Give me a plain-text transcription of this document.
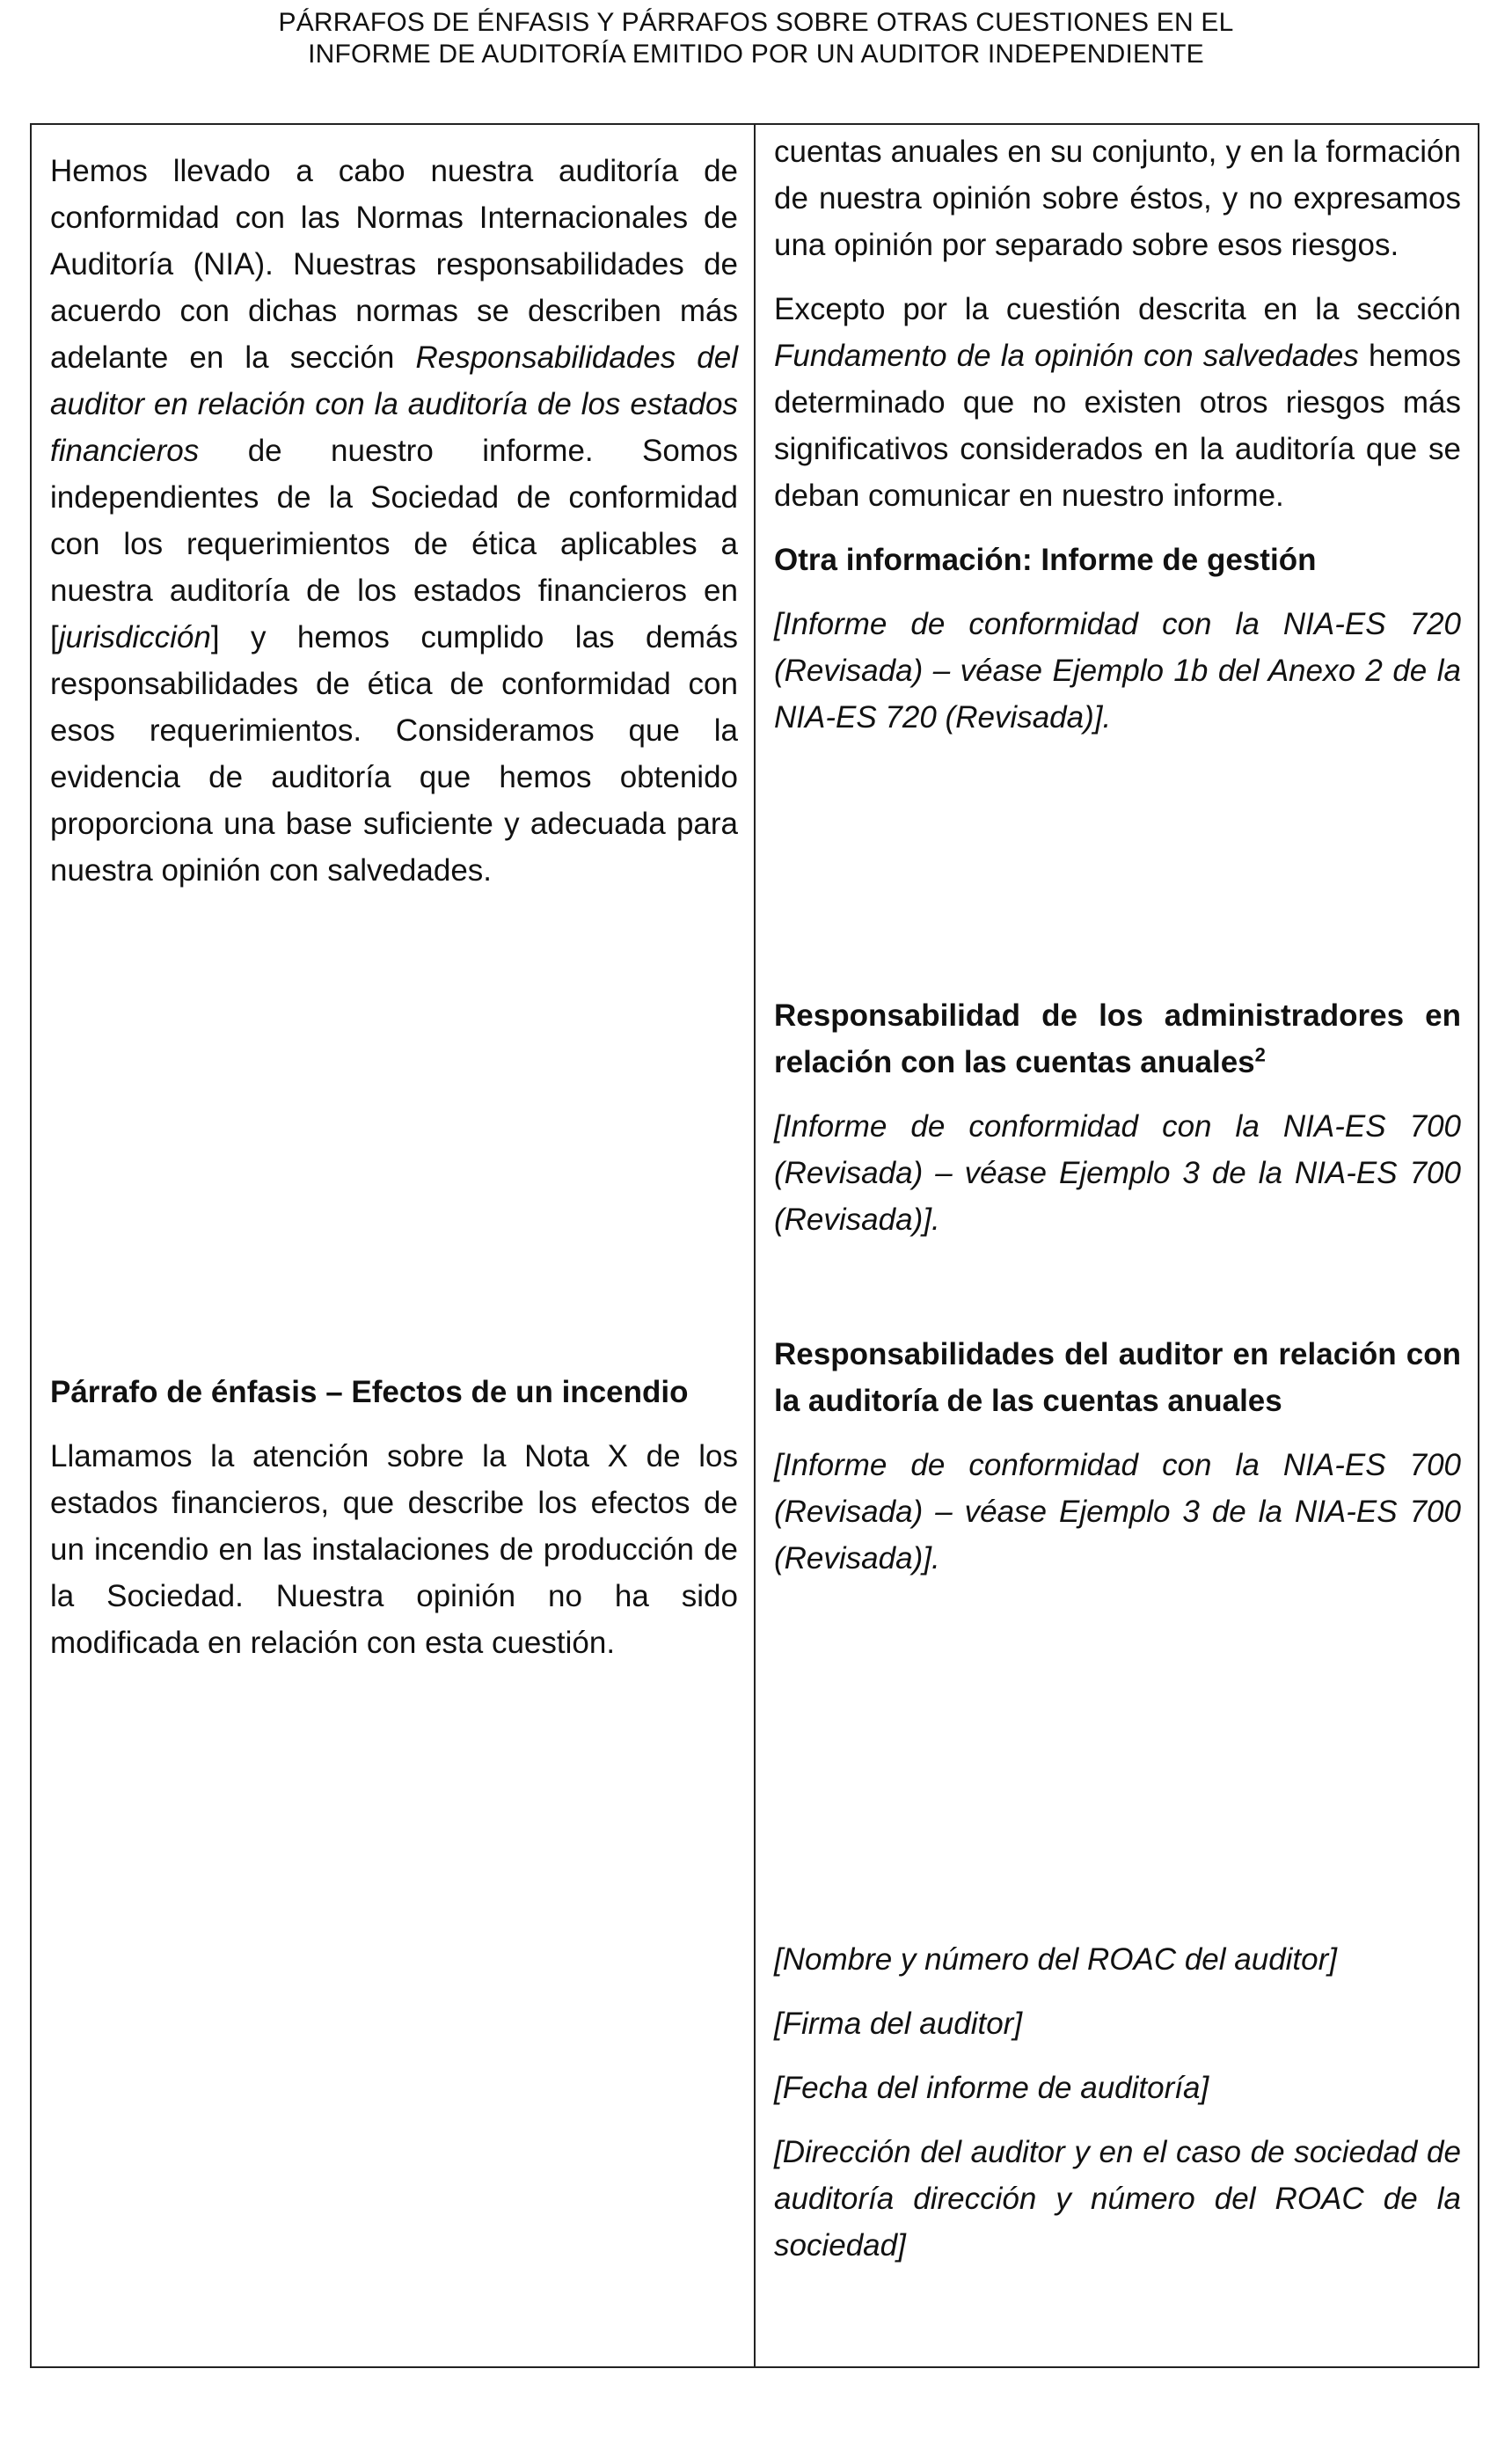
PÁRRAFOS DE ÉNFASIS Y PÁRRAFOS SOBRE OTRAS CUESTIONES EN EL
INFORME DE AUDITORÍA EMITIDO POR UN AUDITOR INDEPENDIENTE

Hemos llevado a cabo nuestra auditoría de conformidad con las Normas Internacionales de Auditoría (NIA). Nuestras responsabilidades de acuerdo con dichas normas se describen más adelante en la sección Responsabilidades del auditor en relación con la auditoría de los estados financieros de nuestro informe. Somos independientes de la Sociedad de conformidad con los requerimientos de ética aplicables a nuestra auditoría de los estados financieros en [jurisdicción] y hemos cumplido las demás responsabilidades de ética de conformidad con esos requerimientos. Consideramos que la evidencia de auditoría que hemos obtenido proporciona una base suficiente y adecuada para nuestra opinión con salvedades.

Párrafo de énfasis – Efectos de un incendio

Llamamos la atención sobre la Nota X de los estados financieros, que describe los efectos de un incendio en las instalaciones de producción de la Sociedad. Nuestra opinión no ha sido modificada en relación con esta cuestión.

cuentas anuales en su conjunto, y en la formación de nuestra opinión sobre éstos, y no expresamos una opinión por separado sobre esos riesgos.

Excepto por la cuestión descrita en la sección Fundamento de la opinión con salvedades hemos determinado que no existen otros riesgos más significativos considerados en la auditoría que se deban comunicar en nuestro informe.

Otra información: Informe de gestión

[Informe de conformidad con la NIA-ES 720 (Revisada) – véase Ejemplo 1b del Anexo 2 de la NIA-ES 720 (Revisada)].

Responsabilidad de los administradores en relación con las cuentas anuales$^2$

[Informe de conformidad con la NIA-ES 700 (Revisada) – véase Ejemplo 3 de la NIA-ES 700 (Revisada)].

Responsabilidades del auditor en relación con la auditoría de las cuentas anuales

[Informe de conformidad con la NIA-ES 700 (Revisada) – véase Ejemplo 3 de la NIA-ES 700 (Revisada)].

[Nombre y número del ROAC del auditor]

[Firma del auditor]

[Fecha del informe de auditoría]

[Dirección del auditor y en el caso de sociedad de auditoría dirección y número del ROAC de la sociedad]
